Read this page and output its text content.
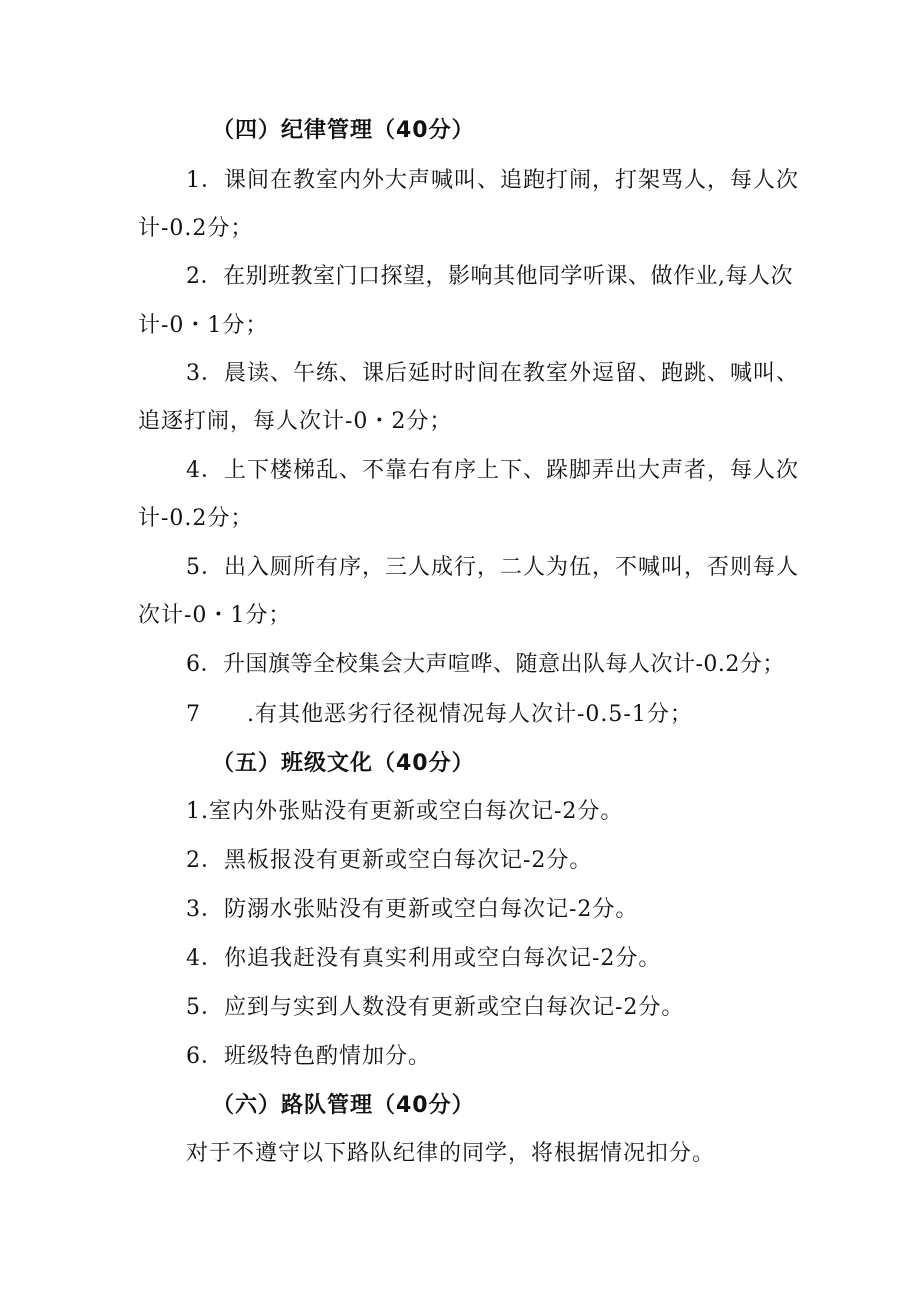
（四）纪律管理（40分）
1．课间在教室内外大声喊叫、追跑打闹，打架骂人，每人次
计-0.2分；
2．在别班教室门口探望，影响其他同学听课、做作业,每人次
计-0・1分；
3．晨读、午练、课后延时时间在教室外逗留、跑跳、喊叫、
追逐打闹，每人次计-0・2分；
4．上下楼梯乱、不靠右有序上下、跺脚弄出大声者，每人次
计-0.2分；
5．出入厕所有序，三人成行，二人为伍，不喊叫，否则每人
次计-0・1分；
6．升国旗等全校集会大声喧哗、随意出队每人次计-0.2分；
7　　.有其他恶劣行径视情况每人次计-0.5-1分；
（五）班级文化（40分）
1.室内外张贴没有更新或空白每次记-2分。
2．黑板报没有更新或空白每次记-2分。
3．防溺水张贴没有更新或空白每次记-2分。
4．你追我赶没有真实利用或空白每次记-2分。
5．应到与实到人数没有更新或空白每次记-2分。
6．班级特色酌情加分。
（六）路队管理（40分）
对于不遵守以下路队纪律的同学，将根据情况扣分。
